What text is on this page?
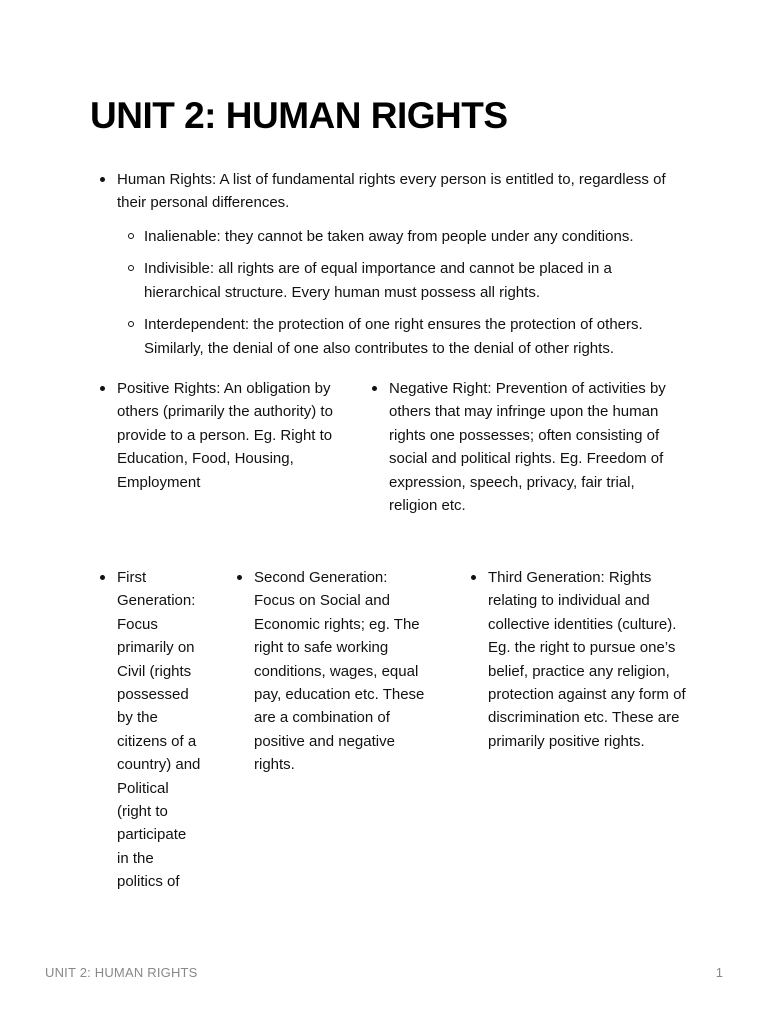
UNIT 2: HUMAN RIGHTS
Human Rights: A list of fundamental rights every person is entitled to, regardless of their personal differences.
Inalienable: they cannot be taken away from people under any conditions.
Indivisible: all rights are of equal importance and cannot be placed in a hierarchical structure. Every human must possess all rights.
Interdependent: the protection of one right ensures the protection of others. Similarly, the denial of one also contributes to the denial of other rights.
Positive Rights: An obligation by others (primarily the authority) to provide to a person. Eg. Right to Education, Food, Housing, Employment
Negative Right: Prevention of activities by others that may infringe upon the human rights one possesses; often consisting of social and political rights. Eg. Freedom of expression, speech, privacy, fair trial, religion etc.
First Generation: Focus primarily on Civil (rights possessed by the citizens of a country) and Political (right to participate in the politics of
Second Generation: Focus on Social and Economic rights; eg. The right to safe working conditions, wages, equal pay, education etc. These are a combination of positive and negative rights.
Third Generation: Rights relating to individual and collective identities (culture). Eg. the right to pursue one’s belief, practice any religion, protection against any form of discrimination etc. These are primarily positive rights.
UNIT 2: HUMAN RIGHTS	1
